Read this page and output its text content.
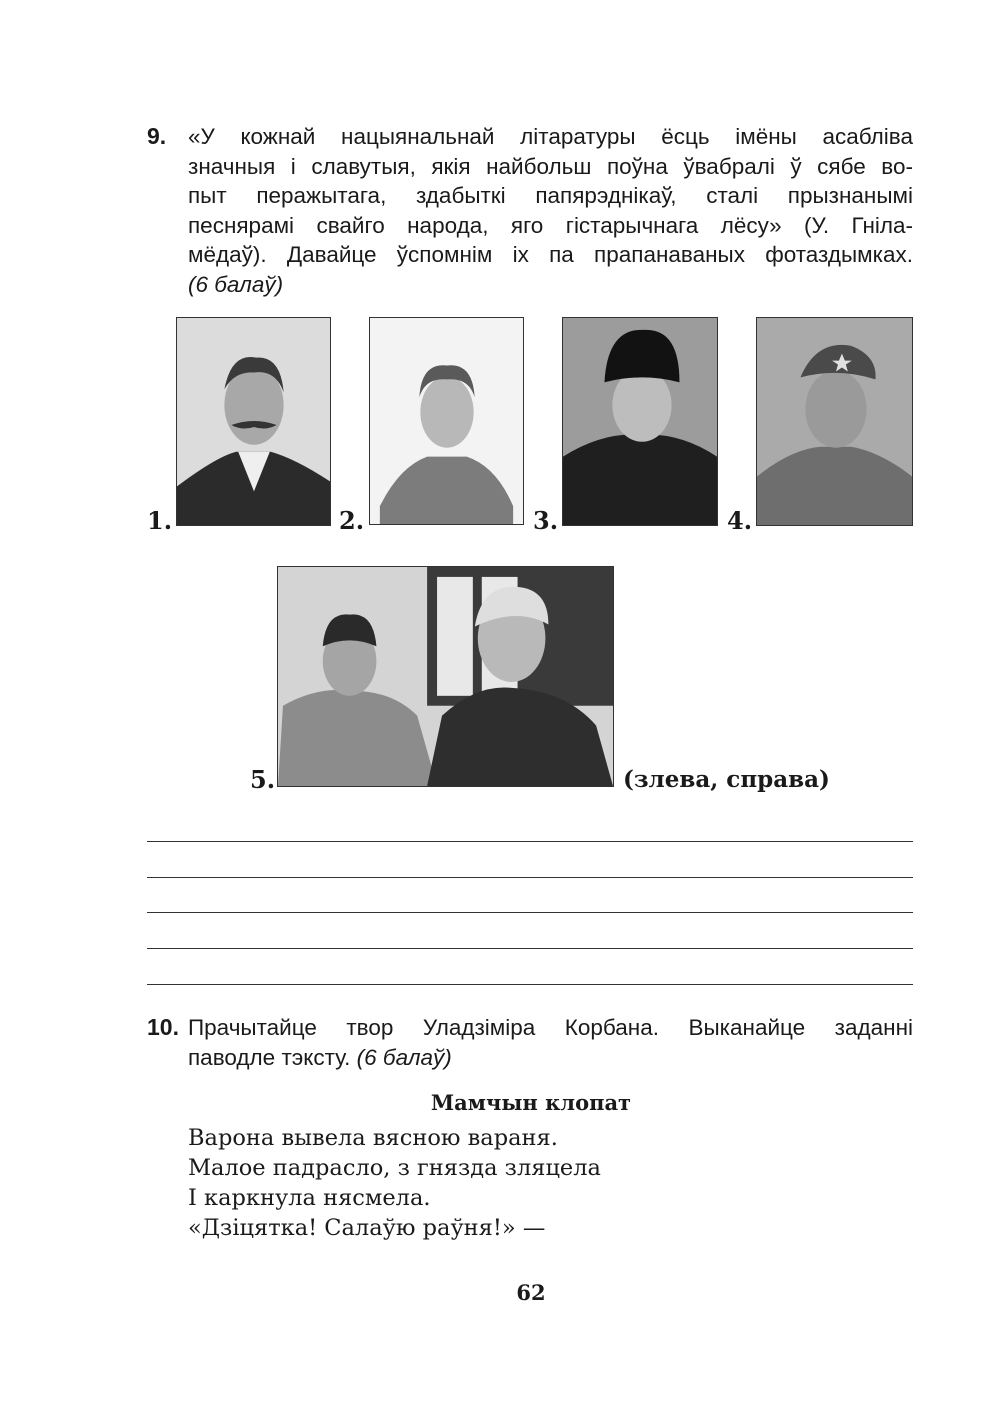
9. «У кожнай нацыянальнай літаратуры ёсць імёны асабліва
значныя і славутыя, якія найбольш поўна ўвабралі ў сябе во-
пыт перажытага, здабыткі папярэднікаў, сталі прызнанымі
песнярамі свайго народа, яго гістарычнага лёсу» (У. Гніла-
мёдаў). Давайце ўспомнім іх па прапанаваных фотаздымках.
(6 балаў)
1.	2.	3.	4.
5.	(злева, справа)
10. Прачытайце твор Уладзіміра Корбана. Выканайце заданні
паводле тэксту. (6 балаў)
Мамчын клопат
Варона вывела вясною вараня.
Малое падрасло, з гнязда зляцела
І каркнула нясмела.
«Дзіцятка! Салаўю раўня!» —
62
